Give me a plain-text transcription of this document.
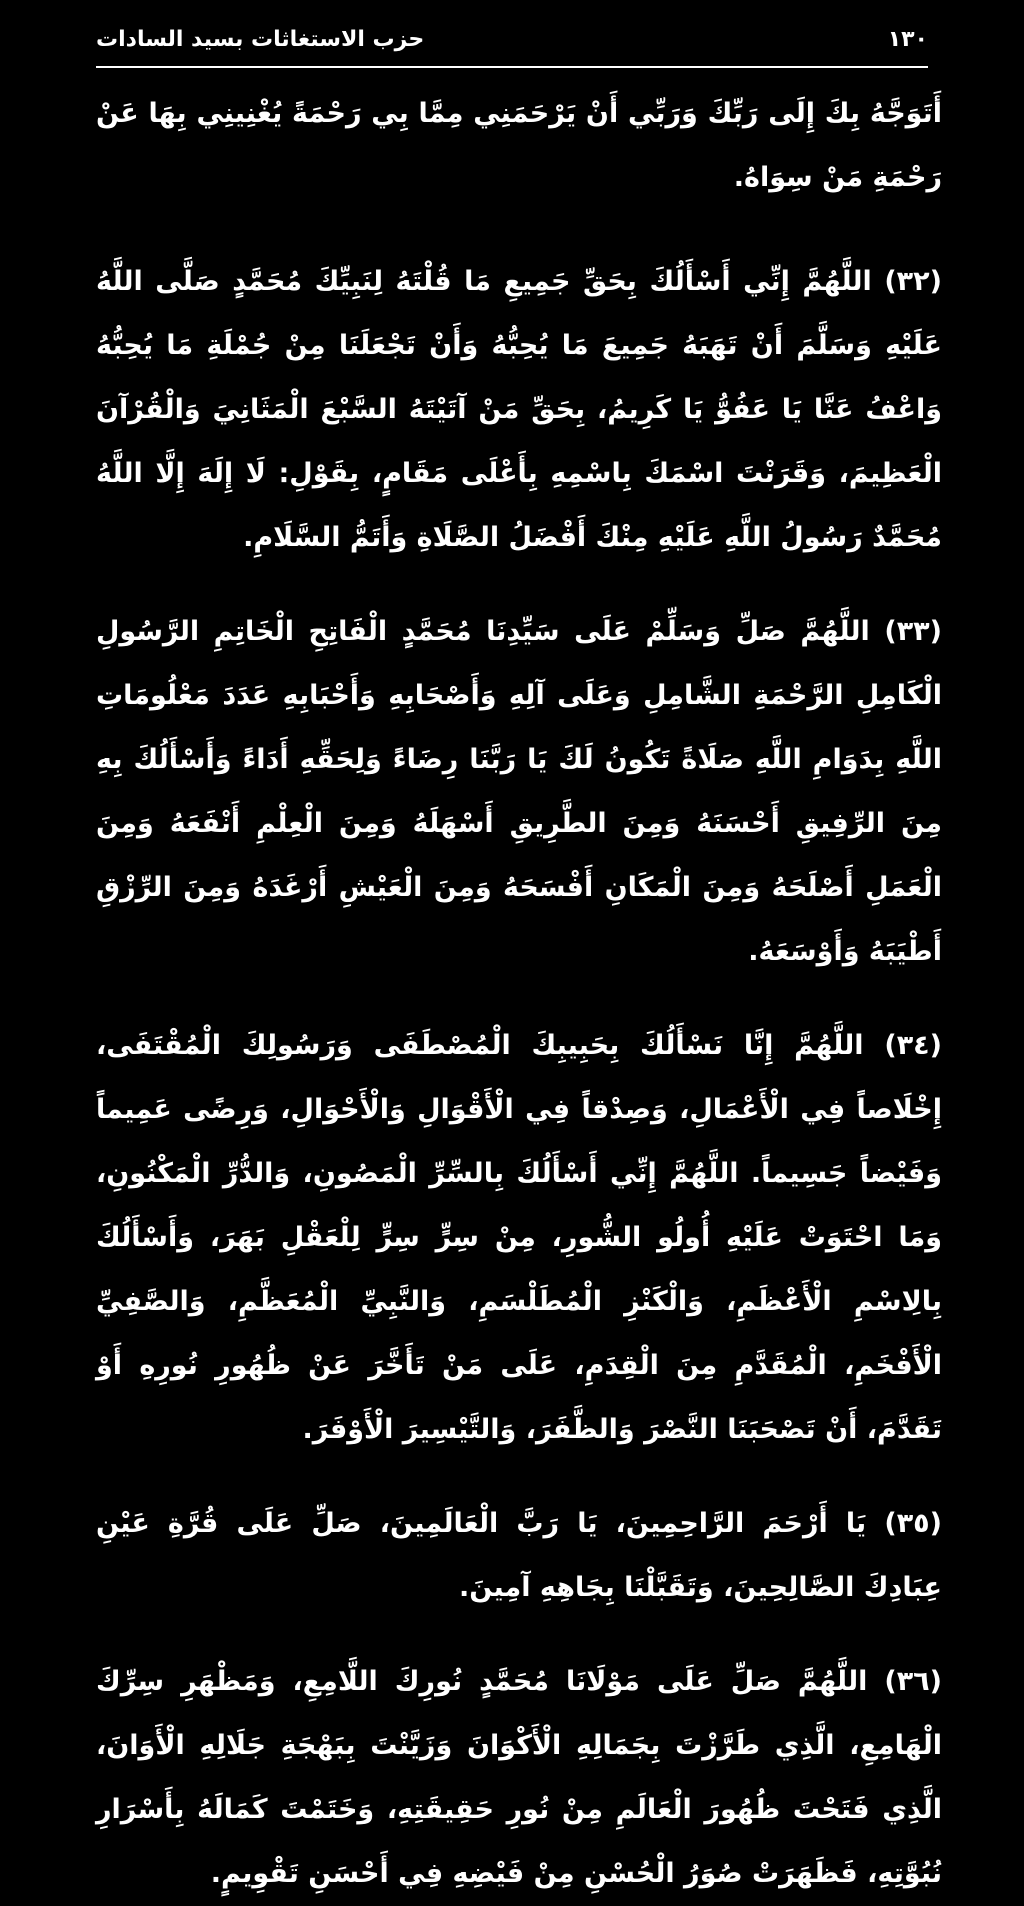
١٣٠
حزب الاستغاثات بسيد السادات

أَتَوَجَّهُ بِكَ إِلَى رَبِّكَ وَرَبِّي أَنْ يَرْحَمَنِي مِمَّا بِي رَحْمَةً يُغْنِينِي بِهَا عَنْ رَحْمَةِ مَنْ سِوَاهُ.

(٣٢) اللَّهُمَّ إِنِّي أَسْأَلُكَ بِحَقِّ جَمِيعِ مَا قُلْتَهُ لِنَبِيِّكَ مُحَمَّدٍ صَلَّى اللَّهُ عَلَيْهِ وَسَلَّمَ أَنْ تَهَبَهُ جَمِيعَ مَا يُحِبُّهُ وَأَنْ تَجْعَلَنَا مِنْ جُمْلَةِ مَا يُحِبُّهُ وَاعْفُ عَنَّا يَا عَفُوُّ يَا كَرِيمُ، بِحَقِّ مَنْ آتَيْتَهُ السَّبْعَ الْمَثَانِيَ وَالْقُرْآنَ الْعَظِيمَ، وَقَرَنْتَ اسْمَكَ بِاسْمِهِ بِأَعْلَى مَقَامٍ، بِقَوْلِ: لَا إِلَهَ إِلَّا اللَّهُ مُحَمَّدٌ رَسُولُ اللَّهِ عَلَيْهِ مِنْكَ أَفْضَلُ الصَّلَاةِ وَأَتَمُّ السَّلَامِ.

(٣٣) اللَّهُمَّ صَلِّ وَسَلِّمْ عَلَى سَيِّدِنَا مُحَمَّدٍ الْفَاتِحِ الْخَاتِمِ الرَّسُولِ الْكَامِلِ الرَّحْمَةِ الشَّامِلِ وَعَلَى آلِهِ وَأَصْحَابِهِ وَأَحْبَابِهِ عَدَدَ مَعْلُومَاتِ اللَّهِ بِدَوَامِ اللَّهِ صَلَاةً تَكُونُ لَكَ يَا رَبَّنَا رِضَاءً وَلِحَقِّهِ أَدَاءً وَأَسْأَلُكَ بِهِ مِنَ الرِّفِيقِ أَحْسَنَهُ وَمِنَ الطَّرِيقِ أَسْهَلَهُ وَمِنَ الْعِلْمِ أَنْفَعَهُ وَمِنَ الْعَمَلِ أَصْلَحَهُ وَمِنَ الْمَكَانِ أَفْسَحَهُ وَمِنَ الْعَيْشِ أَرْغَدَهُ وَمِنَ الرِّزْقِ أَطْيَبَهُ وَأَوْسَعَهُ.

(٣٤) اللَّهُمَّ إِنَّا نَسْأَلُكَ بِحَبِيبِكَ الْمُصْطَفَى وَرَسُولِكَ الْمُقْتَفَى، إِخْلَاصاً فِي الْأَعْمَالِ، وَصِدْقاً فِي الْأَقْوَالِ وَالْأَحْوَالِ، وَرِضًى عَمِيماً وَفَيْضاً جَسِيماً. اللَّهُمَّ إِنِّي أَسْأَلُكَ بِالسِّرِّ الْمَصُونِ، وَالدُّرِّ الْمَكْنُونِ، وَمَا احْتَوَتْ عَلَيْهِ أُولُو الشُّورِ، مِنْ سِرٍّ سِرٍّ لِلْعَقْلِ بَهَرَ، وَأَسْأَلُكَ بِالِاسْمِ الْأَعْظَمِ، وَالْكَنْزِ الْمُطَلْسَمِ، وَالنَّبِيِّ الْمُعَظَّمِ، وَالصَّفِيِّ الْأَفْخَمِ، الْمُقَدَّمِ مِنَ الْقِدَمِ، عَلَى مَنْ تَأَخَّرَ عَنْ ظُهُورِ نُورِهِ أَوْ تَقَدَّمَ، أَنْ تَصْحَبَنَا النَّصْرَ وَالظَّفَرَ، وَالتَّيْسِيرَ الْأَوْفَرَ.

(٣٥) يَا أَرْحَمَ الرَّاحِمِينَ، يَا رَبَّ الْعَالَمِينَ، صَلِّ عَلَى قُرَّةِ عَيْنِ عِبَادِكَ الصَّالِحِينَ، وَتَقَبَّلْنَا بِجَاهِهِ آمِينَ.

(٣٦) اللَّهُمَّ صَلِّ عَلَى مَوْلَانَا مُحَمَّدٍ نُورِكَ اللَّامِعِ، وَمَظْهَرِ سِرِّكَ الْهَامِعِ، الَّذِي طَرَّزْتَ بِجَمَالِهِ الْأَكْوَانَ وَزَيَّنْتَ بِبَهْجَةِ جَلَالِهِ الْأَوَانَ، الَّذِي فَتَحْتَ ظُهُورَ الْعَالَمِ مِنْ نُورِ حَقِيقَتِهِ، وَخَتَمْتَ كَمَالَهُ بِأَسْرَارِ نُبُوَّتِهِ، فَظَهَرَتْ صُوَرُ الْحُسْنِ مِنْ فَيْضِهِ فِي أَحْسَنِ تَقْوِيمٍ.
